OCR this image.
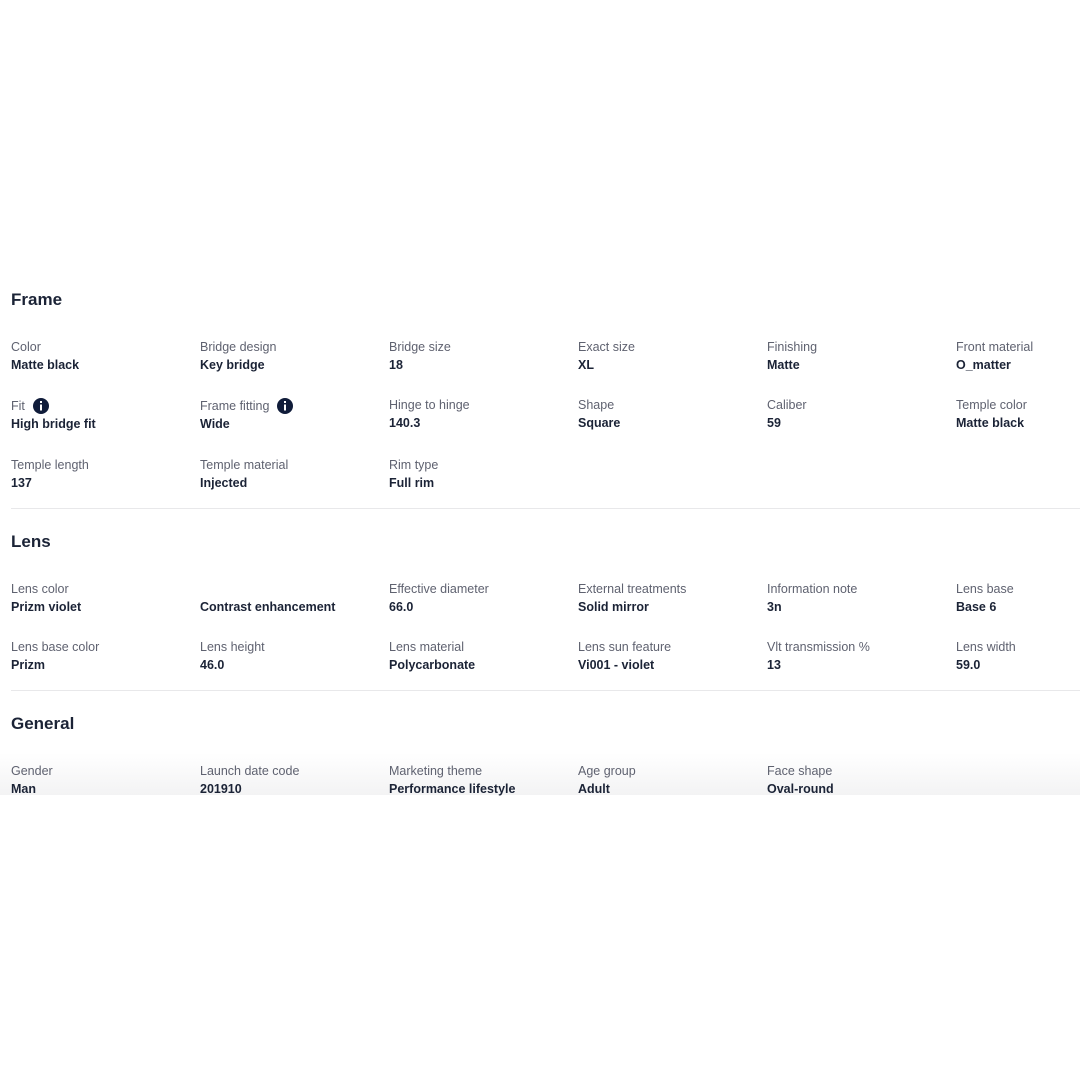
Frame
Color
Matte black
Bridge design
Key bridge
Bridge size
18
Exact size
XL
Finishing
Matte
Front material
O_matter
Fit
High bridge fit
Frame fitting
Wide
Hinge to hinge
140.3
Shape
Square
Caliber
59
Temple color
Matte black
Temple length
137
Temple material
Injected
Rim type
Full rim
Lens
Lens color
Prizm violet	Contrast enhancement
Effective diameter
66.0
External treatments
Solid mirror
Information note
3n
Lens base
Base 6
Lens base color
Prizm
Lens height
46.0
Lens material
Polycarbonate
Lens sun feature
Vi001 - violet
Vlt transmission %
13
Lens width
59.0
General
Gender
Man
Launch date code
201910
Marketing theme
Performance lifestyle
Age group
Adult
Face shape
Oval-round
